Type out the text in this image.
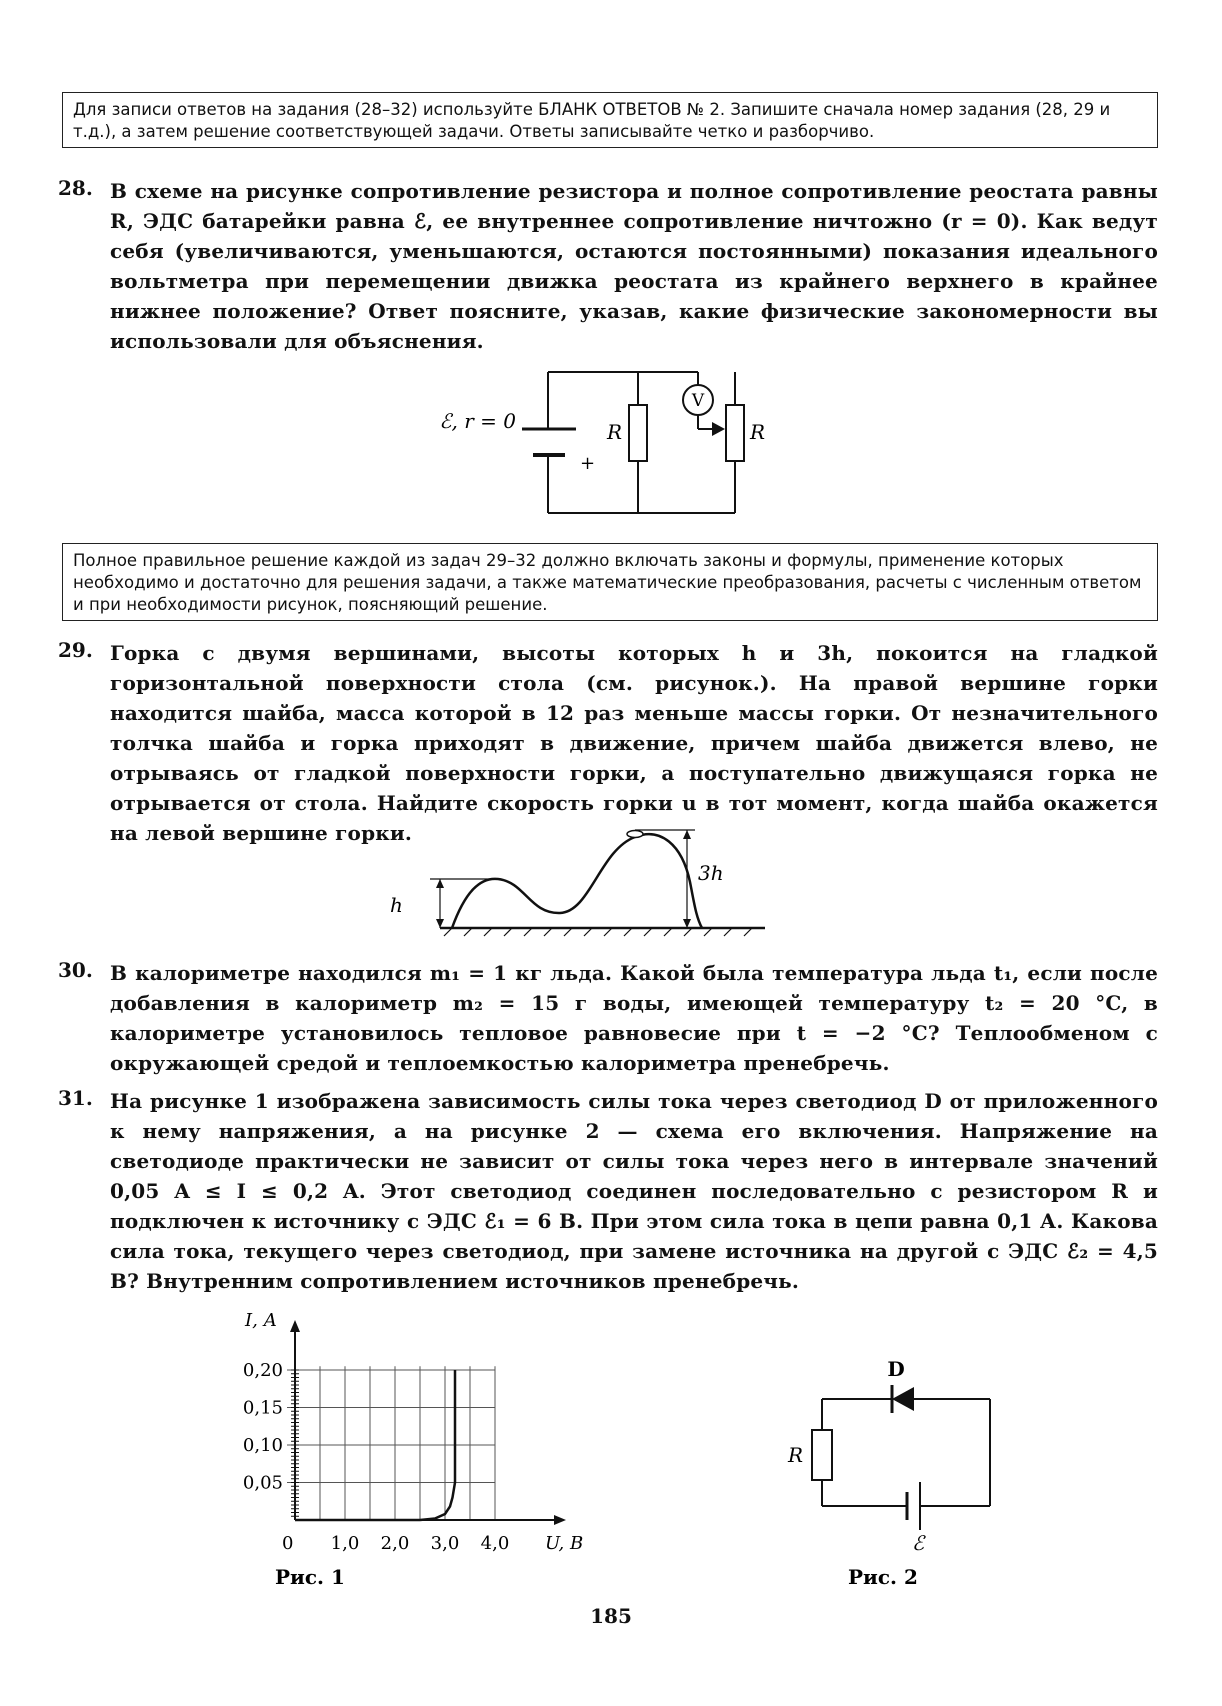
Для записи ответов на задания (28–32) используйте БЛАНК ОТВЕТОВ № 2. Запишите сначала номер задания (28, 29 и т.д.), а затем решение соответствующей задачи. Ответы записывайте четко и разборчиво.
28. В схеме на рисунке сопротивление резистора и полное сопротивление реостата равны R, ЭДС батарейки равна ℰ, ее внутреннее сопротивление ничтожно (r = 0). Как ведут себя (увеличиваются, уменьшаются, остаются постоянными) показания идеального вольтметра при перемещении движка реостата из крайнего верхнего в крайнее нижнее положение? Ответ поясните, указав, какие физические закономерности вы использовали для объяснения.
V
ℰ, r = 0
+
R	R
Полное правильное решение каждой из задач 29–32 должно включать законы и формулы, применение которых необходимо и достаточно для решения задачи, а также математические преобразования, расчеты с численным ответом и при необходимости рисунок, поясняющий решение.
29. Горка с двумя вершинами, высоты которых h и 3h, покоится на гладкой горизонтальной поверхности стола (см. рисунок.). На правой вершине горки находится шайба, масса которой в 12 раз меньше массы горки. От незначительного толчка шайба и горка приходят в движение, причем шайба движется влево, не отрываясь от гладкой поверхности горки, а поступательно движущаяся горка не отрывается от стола. Найдите скорость горки u в тот момент, когда шайба окажется на левой вершине горки.
h
3h
30. В калориметре находился m₁ = 1 кг льда. Какой была температура льда t₁, если после добавления в калориметр m₂ = 15 г воды, имеющей температуру t₂ = 20 °C, в калориметре установилось тепловое равновесие при t = −2 °C? Теплообменом с окружающей средой и теплоемкостью калориметра пренебречь.
31. На рисунке 1 изображена зависимость силы тока через светодиод D от приложенного к нему напряжения, а на рисунке 2 — схема его включения. Напряжение на светодиоде практически не зависит от силы тока через него в интервале значений 0,05 A ≤ I ≤ 0,2 A. Этот светодиод соединен последовательно с резистором R и подключен к источнику с ЭДС ℰ₁ = 6 В. При этом сила тока в цепи равна 0,1 А. Какова сила тока, текущего через светодиод, при замене источника на другой с ЭДС ℰ₂ = 4,5 В? Внутренним сопротивлением источников пренебречь.
1,0 2,0 3,0 4,0
0,05
0,10
0,15
0,20
0	U, В
I, А
Рис. 1
D
R
ℰ
Рис. 2
185
